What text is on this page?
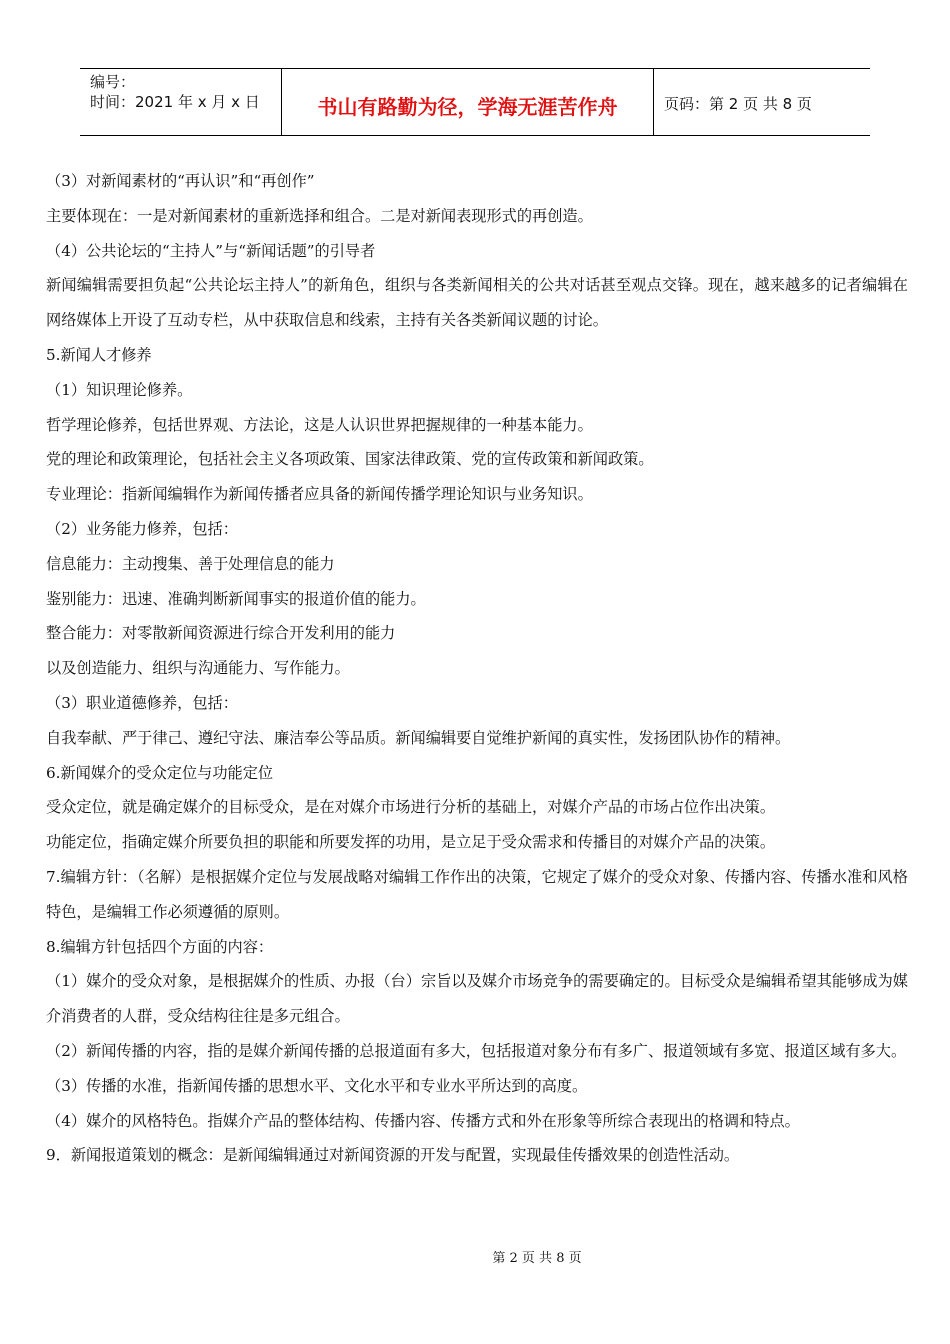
编号：
时间：2021 年 x 月 x 日	书山有路勤为径，学海无涯苦作舟	页码：第 2 页 共 8 页

（3）对新闻素材的“再认识”和“再创作”

主要体现在：一是对新闻素材的重新选择和组合。二是对新闻表现形式的再创造。

（4）公共论坛的“主持人”与“新闻话题”的引导者

新闻编辑需要担负起“公共论坛主持人”的新角色，组织与各类新闻相关的公共对话甚至观点交锋。现在，越来越多的记者编辑在网络媒体上开设了互动专栏，从中获取信息和线索，主持有关各类新闻议题的讨论。

5.新闻人才修养

（1）知识理论修养。

哲学理论修养，包括世界观、方法论，这是人认识世界把握规律的一种基本能力。

党的理论和政策理论，包括社会主义各项政策、国家法律政策、党的宣传政策和新闻政策。

专业理论：指新闻编辑作为新闻传播者应具备的新闻传播学理论知识与业务知识。

（2）业务能力修养，包括：

信息能力：主动搜集、善于处理信息的能力

鉴别能力：迅速、准确判断新闻事实的报道价值的能力。

整合能力：对零散新闻资源进行综合开发利用的能力

以及创造能力、组织与沟通能力、写作能力。

（3）职业道德修养，包括：

自我奉献、严于律己、遵纪守法、廉洁奉公等品质。新闻编辑要自觉维护新闻的真实性，发扬团队协作的精神。

6.新闻媒介的受众定位与功能定位

受众定位，就是确定媒介的目标受众，是在对媒介市场进行分析的基础上，对媒介产品的市场占位作出决策。

功能定位，指确定媒介所要负担的职能和所要发挥的功用，是立足于受众需求和传播目的对媒介产品的决策。

7.编辑方针：（名解）是根据媒介定位与发展战略对编辑工作作出的决策，它规定了媒介的受众对象、传播内容、传播水准和风格特色，是编辑工作必须遵循的原则。

8.编辑方针包括四个方面的内容：

（1）媒介的受众对象，是根据媒介的性质、办报（台）宗旨以及媒介市场竞争的需要确定的。目标受众是编辑希望其能够成为媒介消费者的人群，受众结构往往是多元组合。

（2）新闻传播的内容，指的是媒介新闻传播的总报道面有多大，包括报道对象分布有多广、报道领域有多宽、报道区域有多大。

（3）传播的水准，指新闻传播的思想水平、文化水平和专业水平所达到的高度。

（4）媒介的风格特色。指媒介产品的整体结构、传播内容、传播方式和外在形象等所综合表现出的格调和特点。

9．新闻报道策划的概念：是新闻编辑通过对新闻资源的开发与配置，实现最佳传播效果的创造性活动。

第 2 页 共 8 页
